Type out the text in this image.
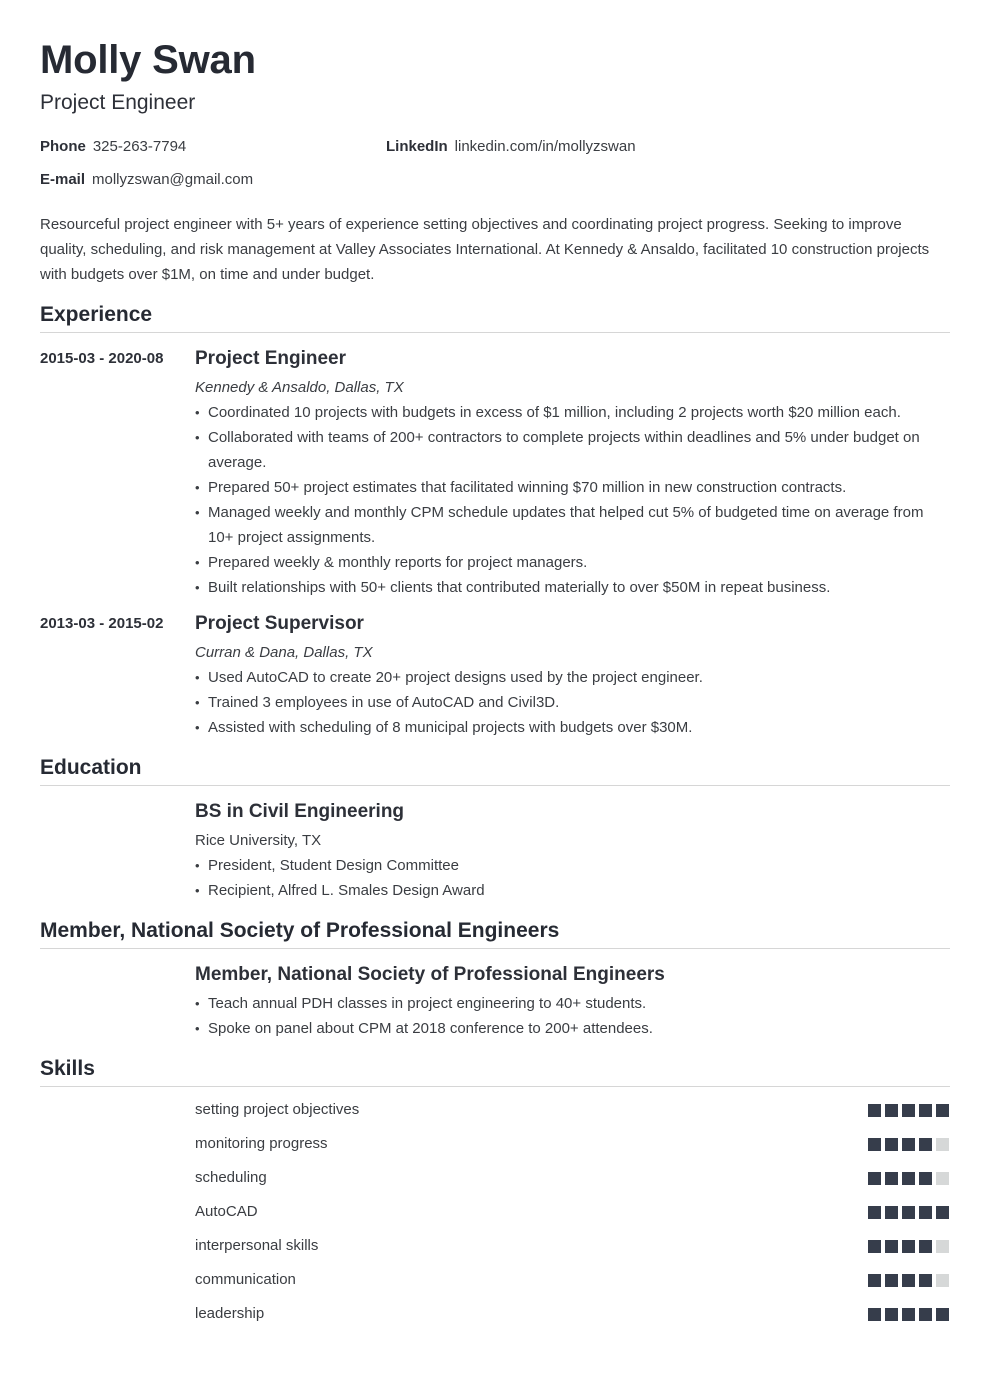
Molly Swan
Project Engineer
Phone 325-263-7794	LinkedIn linkedin.com/in/mollyzswan
E-mail mollyzswan@gmail.com

Resourceful project engineer with 5+ years of experience setting objectives and coordinating project progress. Seeking to improve quality, scheduling, and risk management at Valley Associates International. At Kennedy & Ansaldo, facilitated 10 construction projects with budgets over $1M, on time and under budget.

Experience
2015-03 - 2020-08 Project Engineer
Kennedy & Ansaldo, Dallas, TX
• Coordinated 10 projects with budgets in excess of $1 million, including 2 projects worth $20 million each.
• Collaborated with teams of 200+ contractors to complete projects within deadlines and 5% under budget on average.
• Prepared 50+ project estimates that facilitated winning $70 million in new construction contracts.
• Managed weekly and monthly CPM schedule updates that helped cut 5% of budgeted time on average from 10+ project assignments.
• Prepared weekly & monthly reports for project managers.
• Built relationships with 50+ clients that contributed materially to over $50M in repeat business.
2013-03 - 2015-02 Project Supervisor
Curran & Dana, Dallas, TX
• Used AutoCAD to create 20+ project designs used by the project engineer.
• Trained 3 employees in use of AutoCAD and Civil3D.
• Assisted with scheduling of 8 municipal projects with budgets over $30M.
Education
BS in Civil Engineering
Rice University, TX
• President, Student Design Committee
• Recipient, Alfred L. Smales Design Award
Member, National Society of Professional Engineers
Member, National Society of Professional Engineers
• Teach annual PDH classes in project engineering to 40+ students.
• Spoke on panel about CPM at 2018 conference to 200+ attendees.
Skills
setting project objectives
monitoring progress
scheduling
AutoCAD
interpersonal skills
communication
leadership
